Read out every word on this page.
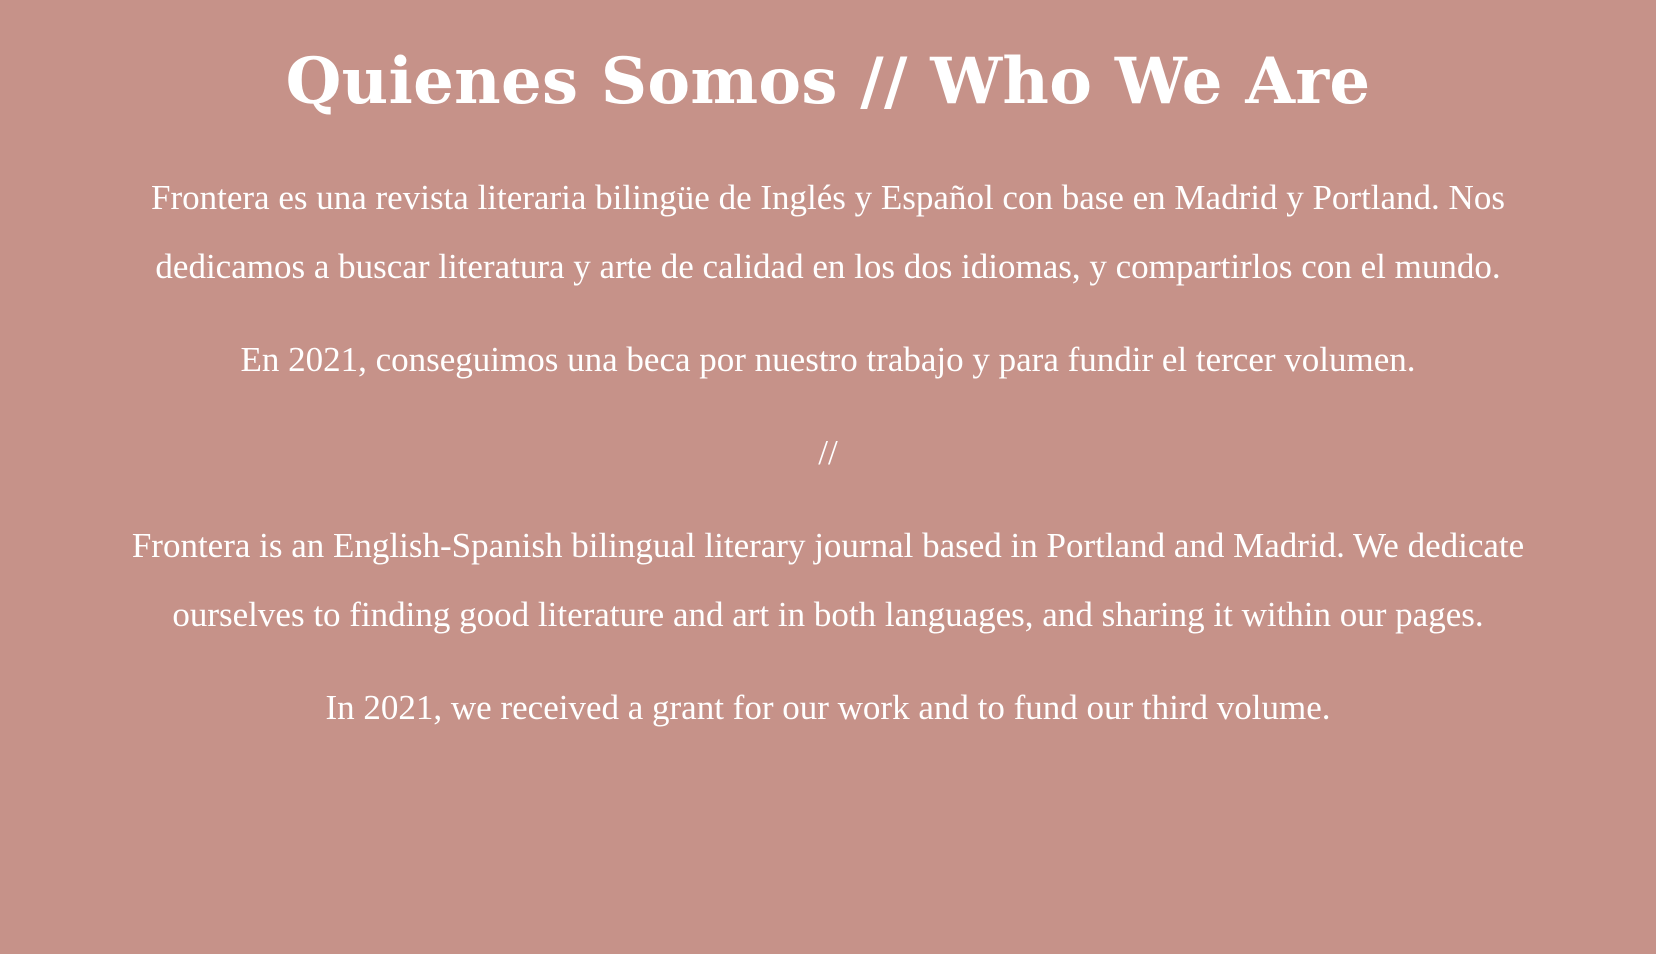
Quienes Somos // Who We Are

Frontera es una revista literaria bilingüe de Inglés y Español con base en Madrid y Portland. Nos dedicamos a buscar literatura y arte de calidad en los dos idiomas, y compartirlos con el mundo.

En 2021, conseguimos una beca por nuestro trabajo y para fundir el tercer volumen.

//

Frontera is an English-Spanish bilingual literary journal based in Portland and Madrid. We dedicate ourselves to finding good literature and art in both languages, and sharing it within our pages.

In 2021, we received a grant for our work and to fund our third volume.
